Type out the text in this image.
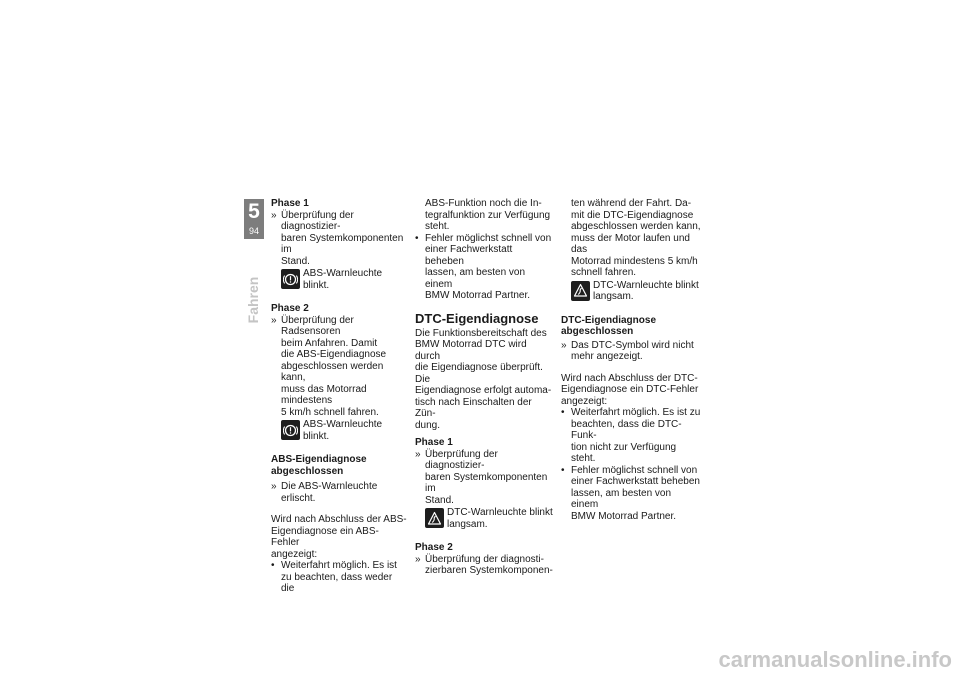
5
94
Fahren
Phase 1
» Überprüfung der diagnostizier-
baren Systemkomponenten im
Stand.
ABS-Warnleuchte blinkt.
Phase 2
» Überprüfung der Radsensoren
beim Anfahren. Damit
die ABS-Eigendiagnose
abgeschlossen werden kann,
muss das Motorrad mindestens
5 km/h schnell fahren.
ABS-Warnleuchte blinkt.
ABS-Eigendiagnose
abgeschlossen
» Die ABS-Warnleuchte erlischt.
Wird nach Abschluss der ABS-
Eigendiagnose ein ABS-Fehler
angezeigt:
• Weiterfahrt möglich. Es ist
zu beachten, dass weder die
ABS-Funktion noch die In-
tegralfunktion zur Verfügung
steht.
• Fehler möglichst schnell von
einer Fachwerkstatt beheben
lassen, am besten von einem
BMW Motorrad Partner.
DTC-Eigendiagnose
Die Funktionsbereitschaft des
BMW Motorrad DTC wird durch
die Eigendiagnose überprüft. Die
Eigendiagnose erfolgt automa-
tisch nach Einschalten der Zün-
dung.
Phase 1
» Überprüfung der diagnostizier-
baren Systemkomponenten im
Stand.
DTC-Warnleuchte blinkt
langsam.
Phase 2
» Überprüfung der diagnosti-
zierbaren Systemkomponen-
ten während der Fahrt. Da-
mit die DTC-Eigendiagnose
abgeschlossen werden kann,
muss der Motor laufen und das
Motorrad mindestens 5 km/h
schnell fahren.
DTC-Warnleuchte blinkt
langsam.
DTC-Eigendiagnose
abgeschlossen
» Das DTC-Symbol wird nicht
mehr angezeigt.
Wird nach Abschluss der DTC-
Eigendiagnose ein DTC-Fehler
angezeigt:
• Weiterfahrt möglich. Es ist zu
beachten, dass die DTC-Funk-
tion nicht zur Verfügung steht.
• Fehler möglichst schnell von
einer Fachwerkstatt beheben
lassen, am besten von einem
BMW Motorrad Partner.
carmanualsonline.info
